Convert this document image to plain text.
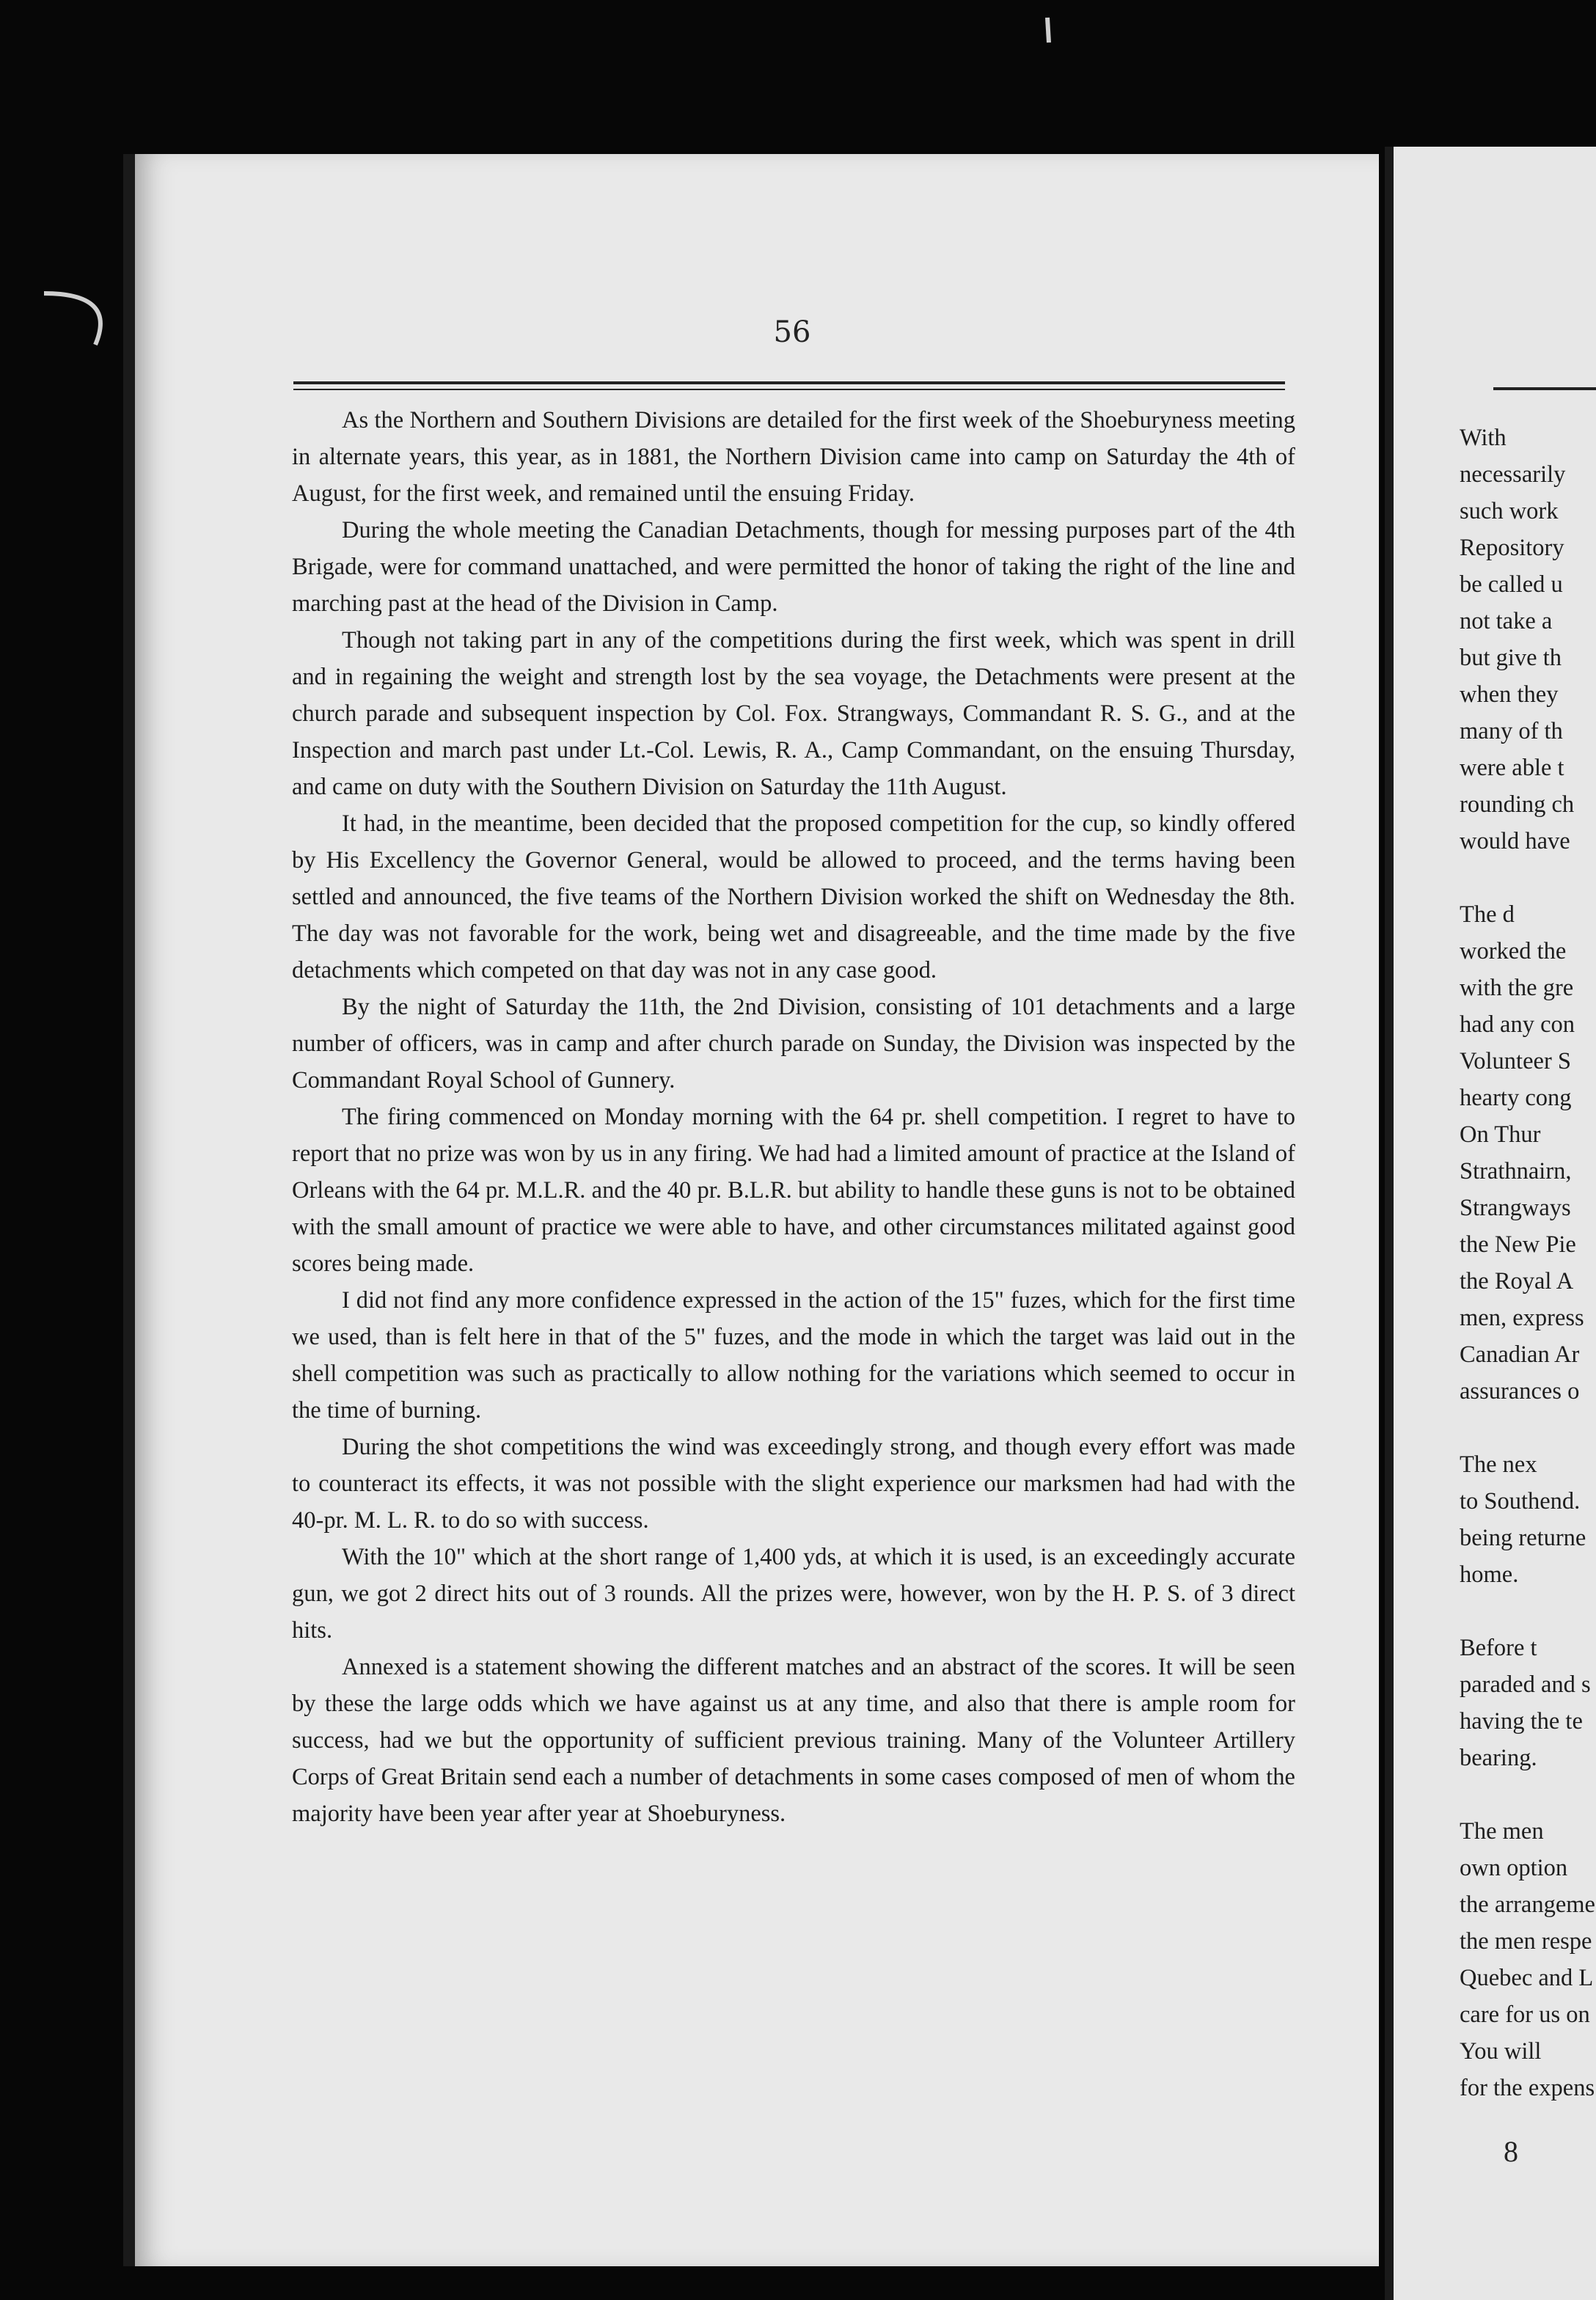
56

As the Northern and Southern Divisions are detailed for the first week of the Shoeburyness meeting in alternate years, this year, as in 1881, the Northern Division came into camp on Saturday the 4th of August, for the first week, and remained until the ensuing Friday.

During the whole meeting the Canadian Detachments, though for messing purposes part of the 4th Brigade, were for command unattached, and were permitted the honor of taking the right of the line and marching past at the head of the Division in Camp.

Though not taking part in any of the competitions during the first week, which was spent in drill and in regaining the weight and strength lost by the sea voyage, the Detachments were present at the church parade and subsequent inspection by Col. Fox. Strangways, Commandant R. S. G., and at the Inspection and march past under Lt.-Col. Lewis, R. A., Camp Commandant, on the ensuing Thursday, and came on duty with the Southern Division on Saturday the 11th August.

It had, in the meantime, been decided that the proposed competition for the cup, so kindly offered by His Excellency the Governor General, would be allowed to proceed, and the terms having been settled and announced, the five teams of the Northern Division worked the shift on Wednesday the 8th. The day was not favorable for the work, being wet and disagreeable, and the time made by the five detachments which competed on that day was not in any case good.

By the night of Saturday the 11th, the 2nd Division, consisting of 101 detachments and a large number of officers, was in camp and after church parade on Sunday, the Division was inspected by the Commandant Royal School of Gunnery.

The firing commenced on Monday morning with the 64 pr. shell competition. I regret to have to report that no prize was won by us in any firing. We had had a limited amount of practice at the Island of Orleans with the 64 pr. M.L.R. and the 40 pr. B.L.R. but ability to handle these guns is not to be obtained with the small amount of practice we were able to have, and other circumstances militated against good scores being made.

I did not find any more confidence expressed in the action of the 15" fuzes, which for the first time we used, than is felt here in that of the 5" fuzes, and the mode in which the target was laid out in the shell competition was such as practically to allow nothing for the variations which seemed to occur in the time of burning.

During the shot competitions the wind was exceedingly strong, and though every effort was made to counteract its effects, it was not possible with the slight experience our marksmen had had with the 40-pr. M. L. R. to do so with success.

With the 10" which at the short range of 1,400 yds, at which it is used, is an exceedingly accurate gun, we got 2 direct hits out of 3 rounds. All the prizes were, however, won by the H. P. S. of 3 direct hits.

Annexed is a statement showing the different matches and an abstract of the scores. It will be seen by these the large odds which we have against us at any time, and also that there is ample room for success, had we but the opportunity of sufficient previous training. Many of the Volunteer Artillery Corps of Great Britain send each a number of detachments in some cases composed of men of whom the majority have been year after year at Shoeburyness.

With
necessarily
such work
Repository
be called u
not take a
but give th
when they
many of th
were able t
rounding ch
would have
The d
worked the
with the gre
had any con
Volunteer S
hearty cong
On Thur
Strathnairn,
Strangways
the New Pie
the Royal A
men, express
Canadian Ar
assurances o
The nex
to Southend.
being returne
home.
Before t
paraded and s
having the te
bearing.
The men
own option
the arrangeme
the men respe
Quebec and L
care for us on
You will
for the expens
8
